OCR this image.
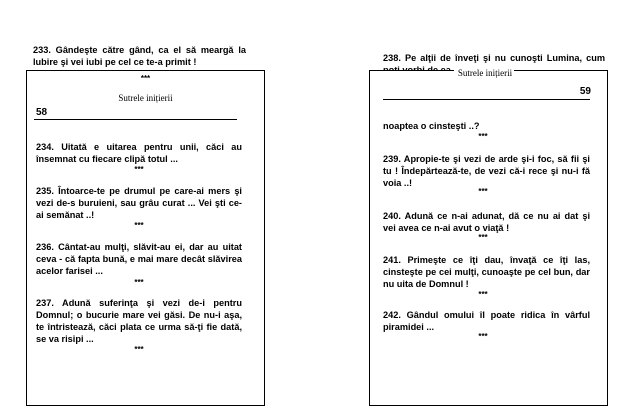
233. Gândeşte către gând, ca el să meargă la lubire şi vei iubi pe cel ce te-a primit !	238. Pe alţii de înveţi şi nu cunoşti Lumina, cum

***
Sutrele inițierii
58

234. Uitată e uitarea pentru unii, căci au însemnat cu fiecare clipă totul ...

***

235. Întoarce-te pe drumul pe care-ai mers şi vezi de-s buruieni, sau grâu curat ... Vei şti ce-ai semănat ..!

***

236. Cântat-au mulţi, slăvit-au ei, dar au uitat ceva - că fapta bună, e mai mare decât slăvirea acelor farisei ...

***

237. Adună suferinţa şi vezi de-i pentru Domnul; o bucurie mare vei găsi. De nu-i aşa, te întristează, căci plata ce urma să-ţi fie dată, se va risipi ...

***
Sutrele inițierii
59

noaptea o cinsteşti ..?

***

239. Apropie-te şi vezi de arde şi-i foc, să fii şi tu ! Îndepărtează-te, de vezi că-i rece şi nu-i fă voia ..!

***

240. Adună ce n-ai adunat, dă ce nu ai dat şi vei avea ce n-ai avut o viaţă !

***

241. Primeşte ce îţi dau, învaţă ce îţi las, cinsteşte pe cei mulţi, cunoaşte pe cel bun, dar nu uita de Domnul !

***

242. Gândul omului îl poate ridica în vârful piramidei ...

***
